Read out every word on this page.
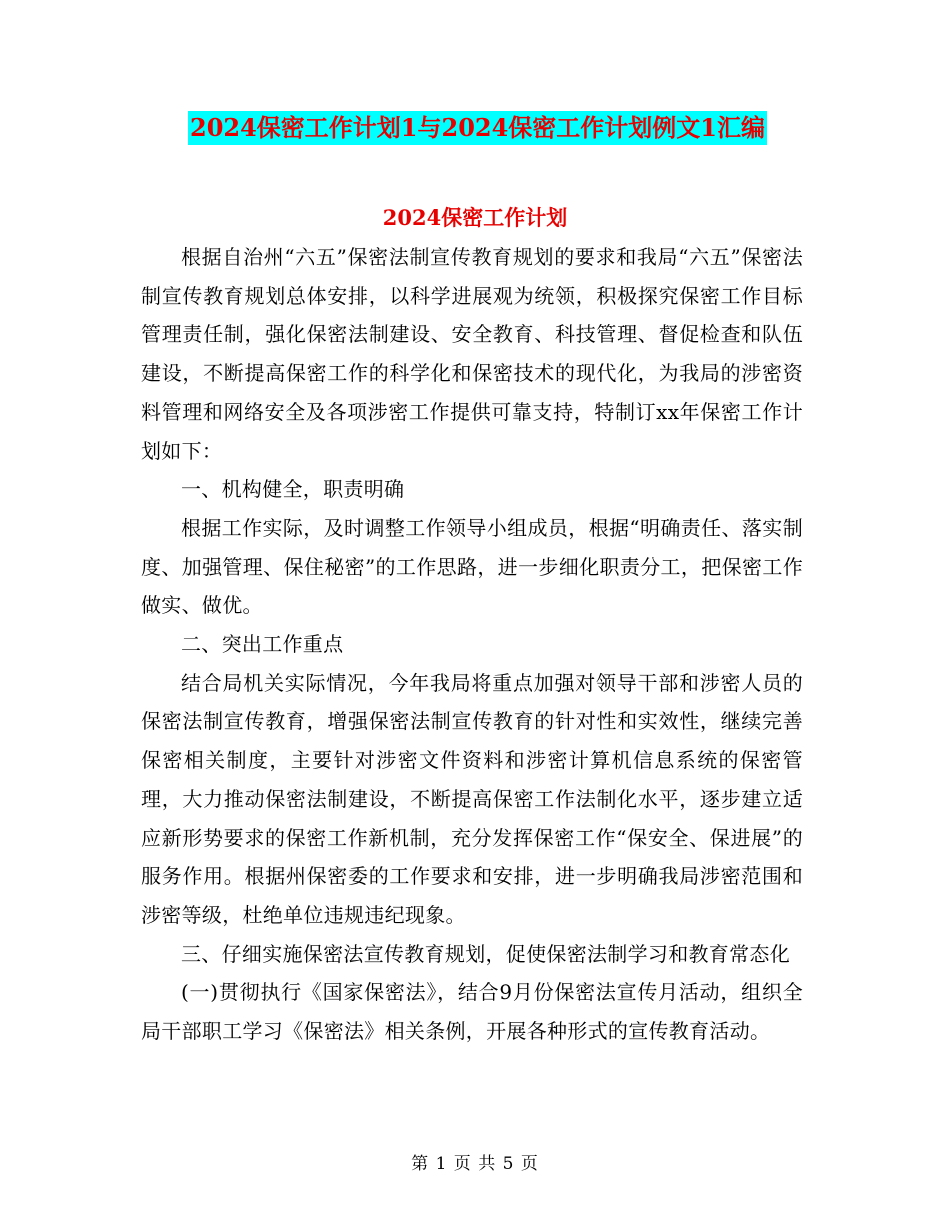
2024保密工作计划1与2024保密工作计划例文1汇编
2024保密工作计划

根据自治州“六五”保密法制宣传教育规划的要求和我局“六五”保密法制宣传教育规划总体安排，以科学进展观为统领，积极探究保密工作目标管理责任制，强化保密法制建设、安全教育、科技管理、督促检查和队伍建设，不断提高保密工作的科学化和保密技术的现代化，为我局的涉密资料管理和网络安全及各项涉密工作提供可靠支持，特制订xx年保密工作计划如下：

一、机构健全，职责明确

根据工作实际，及时调整工作领导小组成员，根据“明确责任、落实制度、加强管理、保住秘密”的工作思路，进一步细化职责分工，把保密工作做实、做优。

二、突出工作重点

结合局机关实际情况，今年我局将重点加强对领导干部和涉密人员的保密法制宣传教育，增强保密法制宣传教育的针对性和实效性，继续完善保密相关制度，主要针对涉密文件资料和涉密计算机信息系统的保密管理，大力推动保密法制建设，不断提高保密工作法制化水平，逐步建立适应新形势要求的保密工作新机制，充分发挥保密工作“保安全、保进展”的服务作用。根据州保密委的工作要求和安排，进一步明确我局涉密范围和涉密等级，杜绝单位违规违纪现象。

三、仔细实施保密法宣传教育规划，促使保密法制学习和教育常态化

(一)贯彻执行《国家保密法》，结合9月份保密法宣传月活动，组织全局干部职工学习《保密法》相关条例，开展各种形式的宣传教育活动。

第 1 页 共 5 页
